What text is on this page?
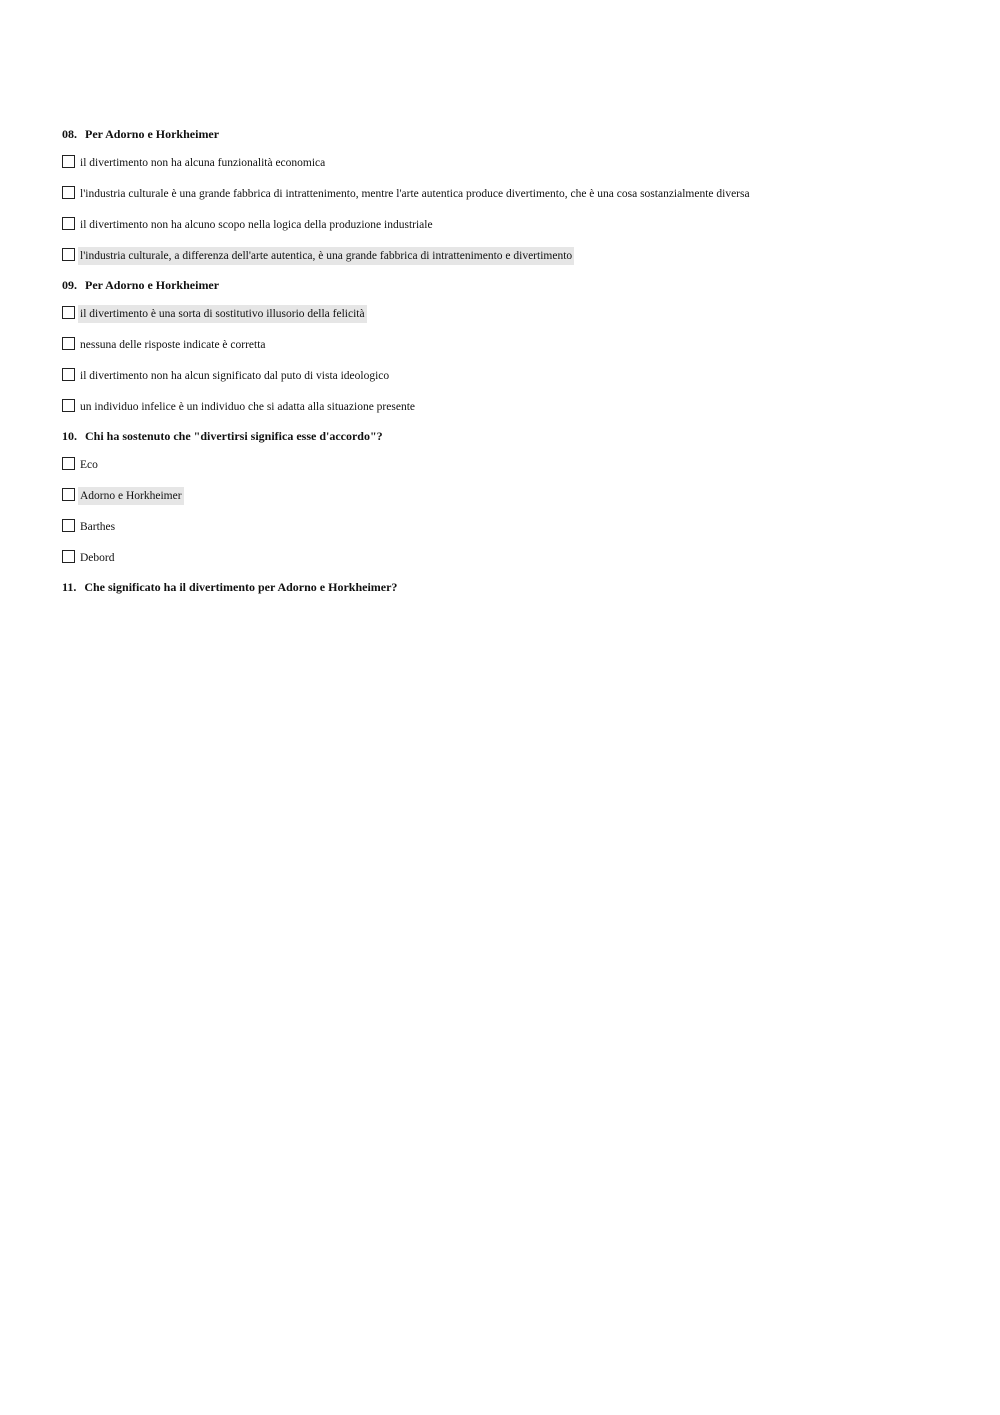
08. Per Adorno e Horkheimer
il divertimento non ha alcuna funzionalità economica
l'industria culturale è una grande fabbrica di intrattenimento, mentre l'arte autentica produce divertimento, che è una cosa sostanzialmente diversa
il divertimento non ha alcuno scopo nella logica della produzione industriale
l'industria culturale, a differenza dell'arte autentica, è una grande fabbrica di intrattenimento e divertimento
09. Per Adorno e Horkheimer
il divertimento è una sorta di sostitutivo illusorio della felicità
nessuna delle risposte indicate è corretta
il divertimento non ha alcun significato dal puto di vista ideologico
un individuo infelice è un individuo che si adatta alla situazione presente
10. Chi ha sostenuto che "divertirsi significa esse d'accordo"?
Eco
Adorno e Horkheimer
Barthes
Debord
11. Che significato ha il divertimento per Adorno e Horkheimer?
